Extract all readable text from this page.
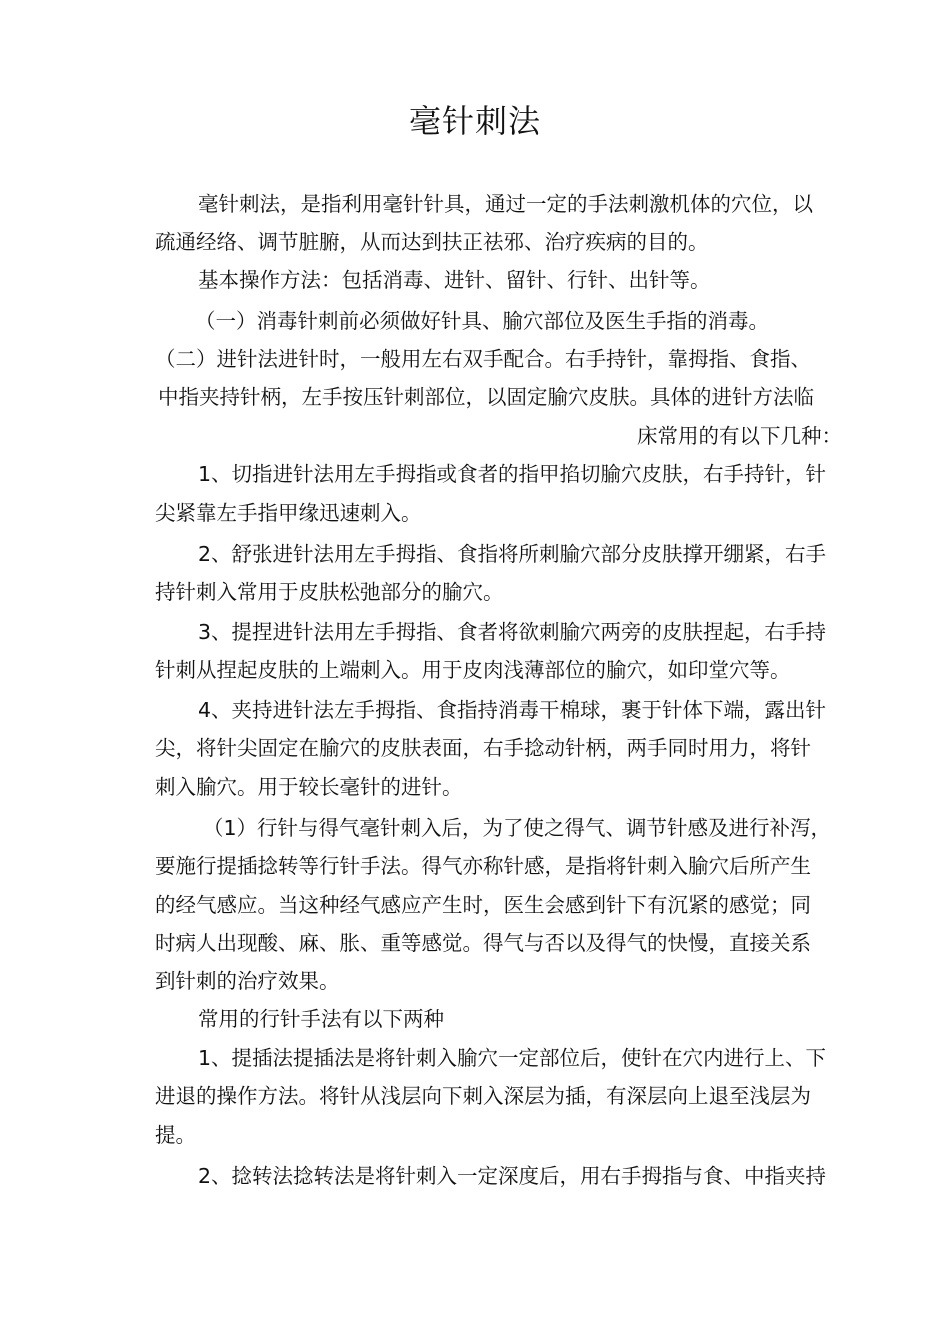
毫针刺法
毫针刺法，是指利用毫针针具，通过一定的手法刺激机体的穴位，以
疏通经络、调节脏腑，从而达到扶正祛邪、治疗疾病的目的。
基本操作方法：包括消毒、进针、留针、行针、出针等。
（一）消毒针刺前必须做好针具、腧穴部位及医生手指的消毒。
（二）进针法进针时，一般用左右双手配合。右手持针，靠拇指、食指、
中指夹持针柄，左手按压针刺部位，以固定腧穴皮肤。具体的进针方法临
床常用的有以下几种：
1、切指进针法用左手拇指或食者的指甲掐切腧穴皮肤，右手持针，针
尖紧靠左手指甲缘迅速刺入。
2、舒张进针法用左手拇指、食指将所刺腧穴部分皮肤撑开绷紧，右手
持针刺入常用于皮肤松弛部分的腧穴。
3、提捏进针法用左手拇指、食者将欲刺腧穴两旁的皮肤捏起，右手持
针刺从捏起皮肤的上端刺入。用于皮肉浅薄部位的腧穴，如印堂穴等。
4、夹持进针法左手拇指、食指持消毒干棉球，裹于针体下端，露出针
尖，将针尖固定在腧穴的皮肤表面，右手捻动针柄，两手同时用力，将针
刺入腧穴。用于较长毫针的进针。
（1）行针与得气毫针刺入后，为了使之得气、调节针感及进行补泻，
要施行提插捻转等行针手法。得气亦称针感，是指将针刺入腧穴后所产生
的经气感应。当这种经气感应产生时，医生会感到针下有沉紧的感觉；同
时病人出现酸、麻、胀、重等感觉。得气与否以及得气的快慢，直接关系
到针刺的治疗效果。
常用的行针手法有以下两种
1、提插法提插法是将针刺入腧穴一定部位后，使针在穴内进行上、下
进退的操作方法。将针从浅层向下刺入深层为插，有深层向上退至浅层为
提。
2、捻转法捻转法是将针刺入一定深度后，用右手拇指与食、中指夹持
